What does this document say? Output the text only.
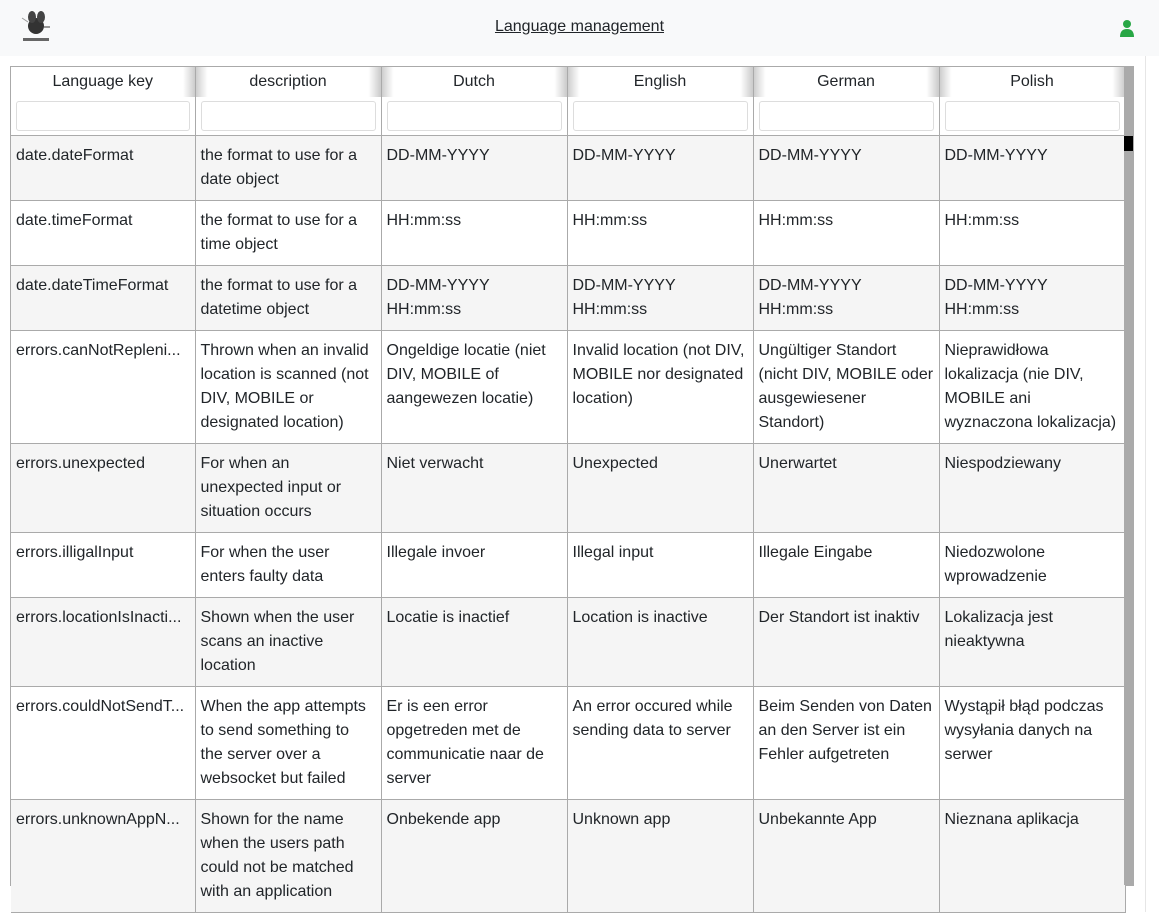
Language management
Language key	description	Dutch	English	German	Polish

date.dateFormat	the format to use for a date object	DD-MM-YYYY	DD-MM-YYYY	DD-MM-YYYY	DD-MM-YYYY
date.timeFormat	the format to use for a time object	HH:mm:ss	HH:mm:ss	HH:mm:ss	HH:mm:ss
date.dateTimeFormat	the format to use for a datetime object	DD-MM-YYYY HH:mm:ss	DD-MM-YYYY HH:mm:ss	DD-MM-YYYY HH:mm:ss	DD-MM-YYYY HH:mm:ss
errors.canNotRepleni...	Thrown when an invalid location is scanned (not DIV, MOBILE or designated location)	Ongeldige locatie (niet DIV, MOBILE of aangewezen locatie)	Invalid location (not DIV, MOBILE nor designated location)	Ungültiger Standort (nicht DIV, MOBILE oder ausgewiesener Standort)	Nieprawidłowa lokalizacja (nie DIV, MOBILE ani wyznaczona lokalizacja)
errors.unexpected	For when an unexpected input or situation occurs	Niet verwacht	Unexpected	Unerwartet	Niespodziewany
errors.illigalInput	For when the user enters faulty data	Illegale invoer	Illegal input	Illegale Eingabe	Niedozwolone wprowadzenie
errors.locationIsInacti...	Shown when the user scans an inactive location	Locatie is inactief	Location is inactive	Der Standort ist inaktiv	Lokalizacja jest nieaktywna
errors.couldNotSendT...	When the app attempts to send something to the server over a websocket but failed	Er is een error opgetreden met de communicatie naar de server	An error occured while sending data to server	Beim Senden von Daten an den Server ist ein Fehler aufgetreten	Wystąpił błąd podczas wysyłania danych na serwer
errors.unknownAppN...	Shown for the name when the users path could not be matched with an application	Onbekende app	Unknown app	Unbekannte App	Nieznana aplikacja
